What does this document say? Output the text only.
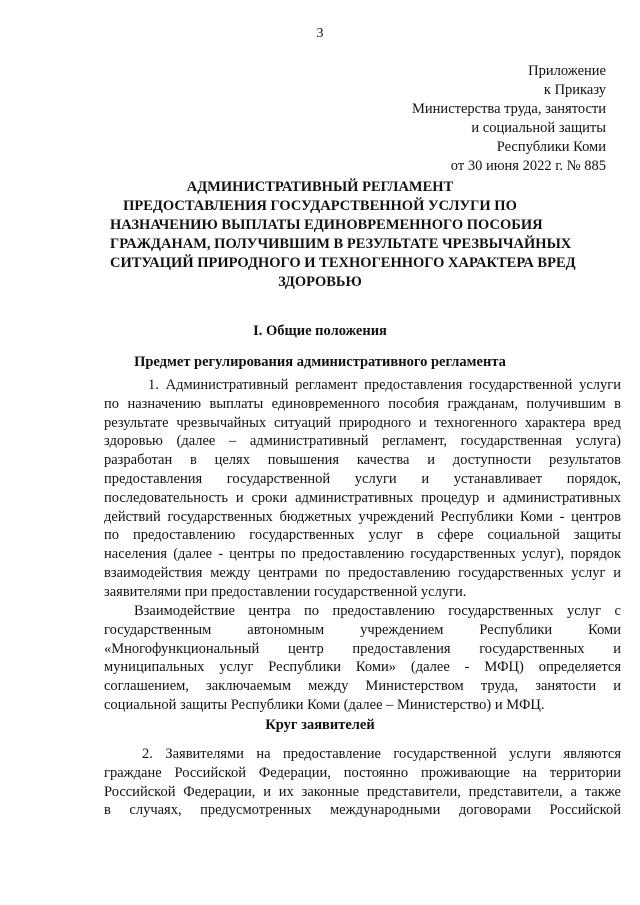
3
Приложение
к Приказу
Министерства труда, занятости
и социальной защиты
Республики Коми
от 30 июня 2022 г. № 885
АДМИНИСТРАТИВНЫЙ РЕГЛАМЕНТ
ПРЕДОСТАВЛЕНИЯ ГОСУДАРСТВЕННОЙ УСЛУГИ ПО
НАЗНАЧЕНИЮ ВЫПЛАТЫ ЕДИНОВРЕМЕННОГО ПОСОБИЯ
ГРАЖДАНАМ, ПОЛУЧИВШИМ В РЕЗУЛЬТАТЕ ЧРЕЗВЫЧАЙНЫХ
СИТУАЦИЙ ПРИРОДНОГО И ТЕХНОГЕННОГО ХАРАКТЕРА ВРЕД
ЗДОРОВЬЮ
I. Общие положения
Предмет регулирования административного регламента
1. Административный регламент предоставления государственной услуги
по назначению выплаты единовременного пособия гражданам, получившим в
результате чрезвычайных ситуаций природного и техногенного характера вред
здоровью (далее – административный регламент, государственная услуга)
разработан в целях повышения качества и доступности результатов
предоставления государственной услуги и устанавливает порядок,
последовательность и сроки административных процедур и административных
действий государственных бюджетных учреждений Республики Коми - центров
по предоставлению государственных услуг в сфере социальной защиты
населения (далее - центры по предоставлению государственных услуг), порядок
взаимодействия между центрами по предоставлению государственных услуг и
заявителями при предоставлении государственной услуги.
Взаимодействие центра по предоставлению государственных услуг с
государственным автономным учреждением Республики Коми
«Многофункциональный центр предоставления государственных и
муниципальных услуг Республики Коми» (далее - МФЦ) определяется
соглашением, заключаемым между Министерством труда, занятости и
социальной защиты Республики Коми (далее – Министерство) и МФЦ.
Круг заявителей
2. Заявителями на предоставление государственной услуги являются
граждане Российской Федерации, постоянно проживающие на территории
Российской Федерации, и их законные представители, представители, а также
в случаях, предусмотренных международными договорами Российской
